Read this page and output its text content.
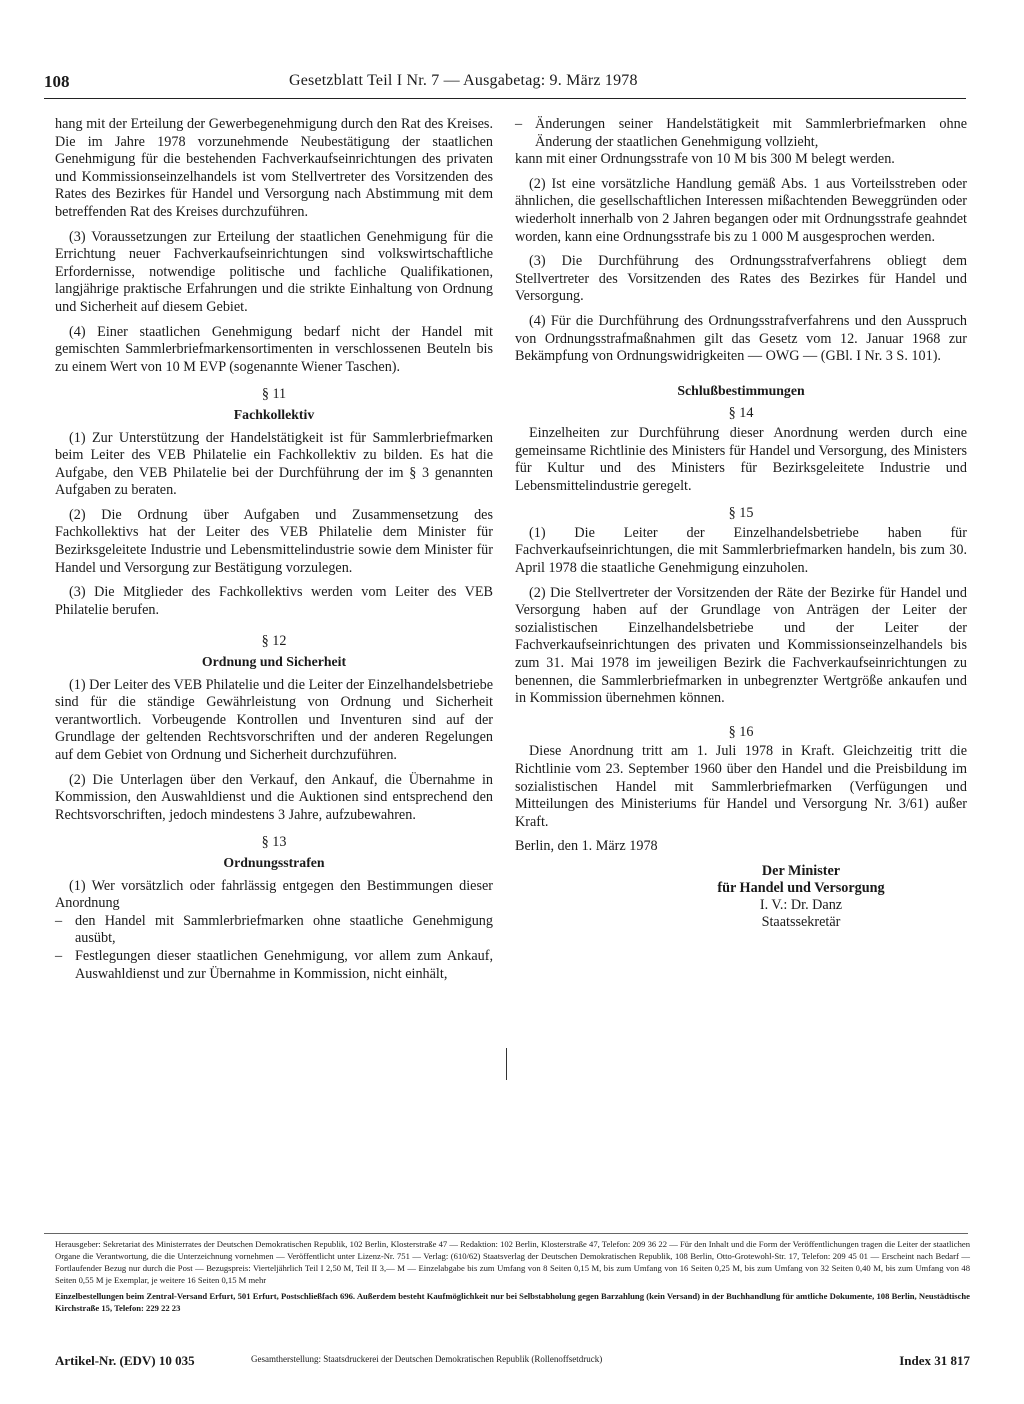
108	Gesetzblatt Teil I Nr. 7 — Ausgabetag: 9. März 1978

hang mit der Erteilung der Gewerbegenehmigung durch den Rat des Kreises. Die im Jahre 1978 vorzunehmende Neubestätigung der staatlichen Genehmigung für die bestehenden Fachverkaufseinrichtungen des privaten und Kommissionseinzelhandels ist vom Stellvertreter des Vorsitzenden des Rates des Bezirkes für Handel und Versorgung nach Abstimmung mit dem betreffenden Rat des Kreises durchzuführen.

(3) Voraussetzungen zur Erteilung der staatlichen Genehmigung für die Errichtung neuer Fachverkaufseinrichtungen sind volkswirtschaftliche Erfordernisse, notwendige politische und fachliche Qualifikationen, langjährige praktische Erfahrungen und die strikte Einhaltung von Ordnung und Sicherheit auf diesem Gebiet.

(4) Einer staatlichen Genehmigung bedarf nicht der Handel mit gemischten Sammlerbriefmarkensortimenten in verschlossenen Beuteln bis zu einem Wert von 10 M EVP (sogenannte Wiener Taschen).

§ 11
Fachkollektiv

(1) Zur Unterstützung der Handelstätigkeit ist für Sammlerbriefmarken beim Leiter des VEB Philatelie ein Fachkollektiv zu bilden. Es hat die Aufgabe, den VEB Philatelie bei der Durchführung der im § 3 genannten Aufgaben zu beraten.

(2) Die Ordnung über Aufgaben und Zusammensetzung des Fachkollektivs hat der Leiter des VEB Philatelie dem Minister für Bezirksgeleitete Industrie und Lebensmittelindustrie sowie dem Minister für Handel und Versorgung zur Bestätigung vorzulegen.

(3) Die Mitglieder des Fachkollektivs werden vom Leiter des VEB Philatelie berufen.

§ 12
Ordnung und Sicherheit

(1) Der Leiter des VEB Philatelie und die Leiter der Einzelhandelsbetriebe sind für die ständige Gewährleistung von Ordnung und Sicherheit verantwortlich. Vorbeugende Kontrollen und Inventuren sind auf der Grundlage der geltenden Rechtsvorschriften und der anderen Regelungen auf dem Gebiet von Ordnung und Sicherheit durchzuführen.

(2) Die Unterlagen über den Verkauf, den Ankauf, die Übernahme in Kommission, den Auswahldienst und die Auktionen sind entsprechend den Rechtsvorschriften, jedoch mindestens 3 Jahre, aufzubewahren.

§ 13
Ordnungsstrafen

(1) Wer vorsätzlich oder fahrlässig entgegen den Bestimmungen dieser Anordnung

– den Handel mit Sammlerbriefmarken ohne staatliche Genehmigung ausübt,
– Festlegungen dieser staatlichen Genehmigung, vor allem zum Ankauf, Auswahldienst und zur Übernahme in Kommission, nicht einhält,
– Änderungen seiner Handelstätigkeit mit Sammlerbriefmarken ohne Änderung der staatlichen Genehmigung vollzieht,

kann mit einer Ordnungsstrafe von 10 M bis 300 M belegt werden.

(2) Ist eine vorsätzliche Handlung gemäß Abs. 1 aus Vorteilsstreben oder ähnlichen, die gesellschaftlichen Interessen mißachtenden Beweggründen oder wiederholt innerhalb von 2 Jahren begangen oder mit Ordnungsstrafe geahndet worden, kann eine Ordnungsstrafe bis zu 1 000 M ausgesprochen werden.

(3) Die Durchführung des Ordnungsstrafverfahrens obliegt dem Stellvertreter des Vorsitzenden des Rates des Bezirkes für Handel und Versorgung.

(4) Für die Durchführung des Ordnungsstrafverfahrens und den Ausspruch von Ordnungsstrafmaßnahmen gilt das Gesetz vom 12. Januar 1968 zur Bekämpfung von Ordnungswidrigkeiten — OWG — (GBl. I Nr. 3 S. 101).

Schlußbestimmungen
§ 14

Einzelheiten zur Durchführung dieser Anordnung werden durch eine gemeinsame Richtlinie des Ministers für Handel und Versorgung, des Ministers für Kultur und des Ministers für Bezirksgeleitete Industrie und Lebensmittelindustrie geregelt.

§ 15

(1) Die Leiter der Einzelhandelsbetriebe haben für Fachverkaufseinrichtungen, die mit Sammlerbriefmarken handeln, bis zum 30. April 1978 die staatliche Genehmigung einzuholen.

(2) Die Stellvertreter der Vorsitzenden der Räte der Bezirke für Handel und Versorgung haben auf der Grundlage von Anträgen der Leiter der sozialistischen Einzelhandelsbetriebe und der Leiter der Fachverkaufseinrichtungen des privaten und Kommissionseinzelhandels bis zum 31. Mai 1978 im jeweiligen Bezirk die Fachverkaufseinrichtungen zu benennen, die Sammlerbriefmarken in unbegrenzter Wertgröße ankaufen und in Kommission übernehmen können.

§ 16

Diese Anordnung tritt am 1. Juli 1978 in Kraft. Gleichzeitig tritt die Richtlinie vom 23. September 1960 über den Handel und die Preisbildung im sozialistischen Handel mit Sammlerbriefmarken (Verfügungen und Mitteilungen des Ministeriums für Handel und Versorgung Nr. 3/61) außer Kraft.

Berlin, den 1. März 1978

Der Minister
für Handel und Versorgung
I. V.: Dr. Danz
Staatssekretär

Herausgeber: Sekretariat des Ministerrates der Deutschen Demokratischen Republik, 102 Berlin, Klosterstraße 47 — Redaktion: 102 Berlin, Klosterstraße 47, Telefon: 209 36 22 — Für den Inhalt und die Form der Veröffentlichungen tragen die Leiter der staatlichen Organe die Verantwortung, die die Unterzeichnung vornehmen — Veröffentlicht unter Lizenz-Nr. 751 — Verlag: (610/62) Staatsverlag der Deutschen Demokratischen Republik, 108 Berlin, Otto-Grotewohl-Str. 17, Telefon: 209 45 01 — Erscheint nach Bedarf — Fortlaufender Bezug nur durch die Post — Bezugspreis: Vierteljährlich Teil I 2,50 M, Teil II 3,— M — Einzelabgabe bis zum Umfang von 8 Seiten 0,15 M, bis zum Umfang von 16 Seiten 0,25 M, bis zum Umfang von 32 Seiten 0,40 M, bis zum Umfang von 48 Seiten 0,55 M je Exemplar, je weitere 16 Seiten 0,15 M mehr

Einzelbestellungen beim Zentral-Versand Erfurt, 501 Erfurt, Postschließfach 696. Außerdem besteht Kaufmöglichkeit nur bei Selbstabholung gegen Barzahlung (kein Versand) in der Buchhandlung für amtliche Dokumente, 108 Berlin, Neustädtische Kirchstraße 15, Telefon: 229 22 23

Artikel-Nr. (EDV) 10 035	Gesamtherstellung: Staatsdruckerei der Deutschen Demokratischen Republik (Rollenoffsetdruck)	Index 31 817
